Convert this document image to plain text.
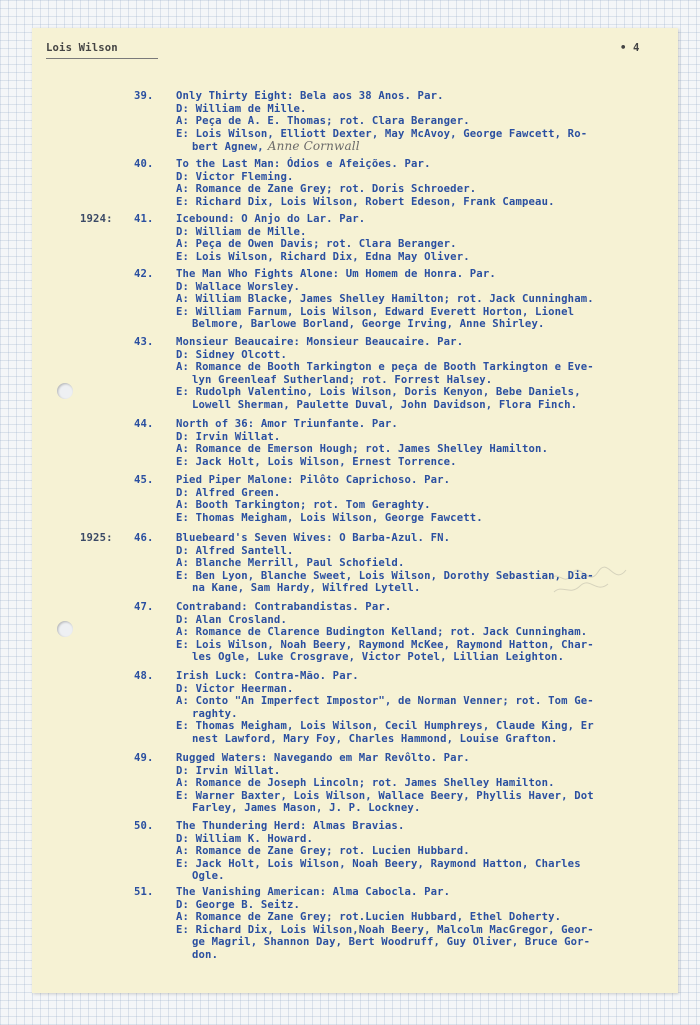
Lois Wilson	• 4
39. Only Thirty Eight: Bela aos 38 Anos. Par.
D: William de Mille.
A: Peça de A. E. Thomas; rot. Clara Beranger.
E: Lois Wilson, Elliott Dexter, May McAvoy, George Fawcett, Ro-
bert Agnew, Anne Cornwall
40. To the Last Man: Ódios e Afeições. Par.
D: Victor Fleming.
A: Romance de Zane Grey; rot. Doris Schroeder.
E: Richard Dix, Lois Wilson, Robert Edeson, Frank Campeau.
1924: 41. Icebound: O Anjo do Lar. Par.
D: William de Mille.
A: Peça de Owen Davis; rot. Clara Beranger.
E: Lois Wilson, Richard Dix, Edna May Oliver.
42. The Man Who Fights Alone: Um Homem de Honra. Par.
D: Wallace Worsley.
A: William Blacke, James Shelley Hamilton; rot. Jack Cunningham.
E: William Farnum, Lois Wilson, Edward Everett Horton, Lionel
Belmore, Barlowe Borland, George Irving, Anne Shirley.
43. Monsieur Beaucaire: Monsieur Beaucaire. Par.
D: Sidney Olcott.
A: Romance de Booth Tarkington e peça de Booth Tarkington e Eve-
lyn Greenleaf Sutherland; rot. Forrest Halsey.
E: Rudolph Valentino, Lois Wilson, Doris Kenyon, Bebe Daniels,
Lowell Sherman, Paulette Duval, John Davidson, Flora Finch.
44. North of 36: Amor Triunfante. Par.
D: Irvin Willat.
A: Romance de Emerson Hough; rot. James Shelley Hamilton.
E: Jack Holt, Lois Wilson, Ernest Torrence.
45. Pied Piper Malone: Pilôto Caprichoso. Par.
D: Alfred Green.
A: Booth Tarkington; rot. Tom Geraghty.
E: Thomas Meigham, Lois Wilson, George Fawcett.
1925: 46. Bluebeard's Seven Wives: O Barba-Azul. FN.
D: Alfred Santell.
A: Blanche Merrill, Paul Schofield.
E: Ben Lyon, Blanche Sweet, Lois Wilson, Dorothy Sebastian, Dia-
na Kane, Sam Hardy, Wilfred Lytell.
47. Contraband: Contrabandistas. Par.
D: Alan Crosland.
A: Romance de Clarence Budington Kelland; rot. Jack Cunningham.
E: Lois Wilson, Noah Beery, Raymond McKee, Raymond Hatton, Char-
les Ogle, Luke Crosgrave, Victor Potel, Lillian Leighton.
48. Irish Luck: Contra-Mão. Par.
D: Victor Heerman.
A: Conto "An Imperfect Impostor", de Norman Venner; rot. Tom Ge-
raghty.
E: Thomas Meigham, Lois Wilson, Cecil Humphreys, Claude King, Er
nest Lawford, Mary Foy, Charles Hammond, Louise Grafton.
49. Rugged Waters: Navegando em Mar Revôlto. Par.
D: Irvin Willat.
A: Romance de Joseph Lincoln; rot. James Shelley Hamilton.
E: Warner Baxter, Lois Wilson, Wallace Beery, Phyllis Haver, Dot
Farley, James Mason, J. P. Lockney.
50. The Thundering Herd: Almas Bravias.
D: William K. Howard.
A: Romance de Zane Grey; rot. Lucien Hubbard.
E: Jack Holt, Lois Wilson, Noah Beery, Raymond Hatton, Charles
Ogle.
51. The Vanishing American: Alma Cabocla. Par.
D: George B. Seitz.
A: Romance de Zane Grey; rot.Lucien Hubbard, Ethel Doherty.
E: Richard Dix, Lois Wilson,Noah Beery, Malcolm MacGregor, Geor-
ge Magril, Shannon Day, Bert Woodruff, Guy Oliver, Bruce Gor-
don.
